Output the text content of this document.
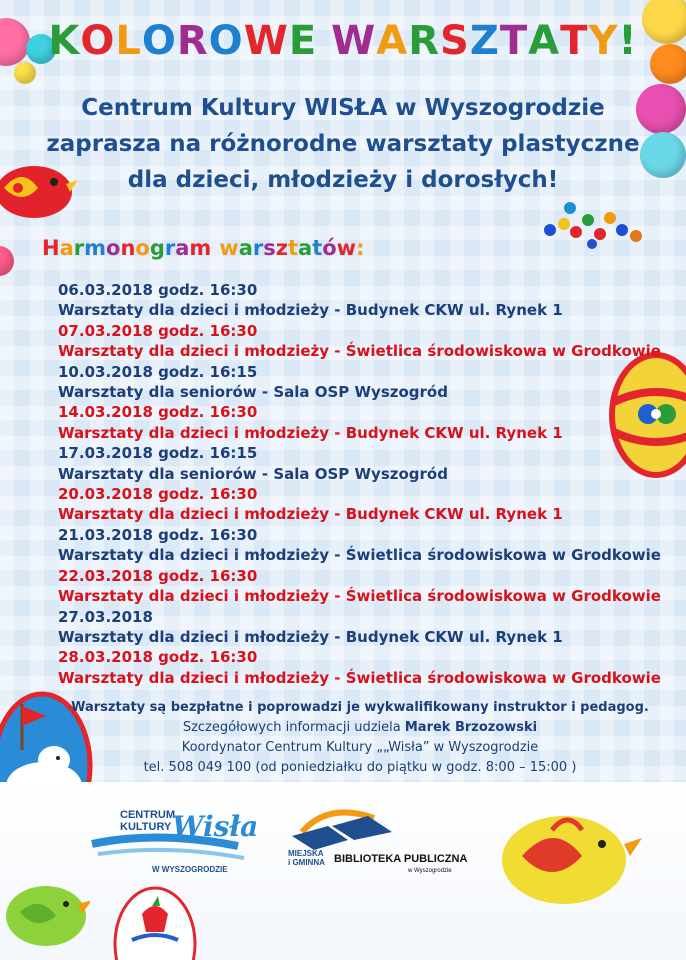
KOLOROWE WARSZTATY!
Centrum Kultury WISŁA w Wyszogrodzie
zaprasza na różnorodne warsztaty plastyczne
dla dzieci, młodzieży i dorosłych!
Harmonogram warsztatów:
06.03.2018 godz. 16:30
Warsztaty dla dzieci i młodzieży - Budynek CKW ul. Rynek 1
07.03.2018 godz. 16:30
Warsztaty dla dzieci i młodzieży - Świetlica środowiskowa w Grodkowie
10.03.2018 godz. 16:15
Warsztaty dla seniorów - Sala OSP Wyszogród
14.03.2018 godz. 16:30
Warsztaty dla dzieci i młodzieży - Budynek CKW ul. Rynek 1
17.03.2018 godz. 16:15
Warsztaty dla seniorów - Sala OSP Wyszogród
20.03.2018 godz. 16:30
Warsztaty dla dzieci i młodzieży - Budynek CKW ul. Rynek 1
21.03.2018 godz. 16:30
Warsztaty dla dzieci i młodzieży - Świetlica środowiskowa w Grodkowie
22.03.2018 godz. 16:30
Warsztaty dla dzieci i młodzieży - Świetlica środowiskowa w Grodkowie
27.03.2018
Warsztaty dla dzieci i młodzieży - Budynek CKW ul. Rynek 1
28.03.2018 godz. 16:30
Warsztaty dla dzieci i młodzieży - Świetlica środowiskowa w Grodkowie
Warsztaty są bezpłatne i poprowadzi je wykwalifikowany instruktor i pedagog.
Szczegółowych informacji udziela Marek Brzozowski
Koordynator Centrum Kultury „„Wisła” w Wyszogrodzie
tel. 508 049 100 (od poniedziałku do piątku w godz. 8:00 – 15:00 )
CENTRUM
KULTURY Wisła
W WYSZOGRODZIE
MIEJSKA
i GMINNA BIBLIOTEKA PUBLICZNA
w Wyszogrodzie
